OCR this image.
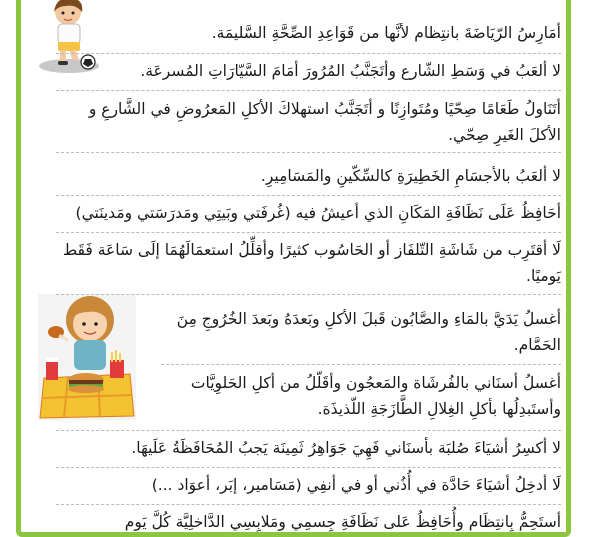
أمَارِسُ الرّيَاضَةَ بانتِظام لأنَّها من قَوَاعِدِ الصِّحَّةِ السَّليمَة.
لا ألعَبُ في وَسَطِ الشّارع وأتَجَنَّبُ المُرُورَ أمَامَ السَّيّارَاتِ المُسرعَة.
أتَنَاولُ طَعَامًا صِحّيًا ومُتَوازِنًا و أتَجَنَّبُ استهلاكَ الأكلِ المَعرُوضِ في الشَّارعِ و الأكلَ الغَيرِ صِحّي.
لا ألعَبُ بالأجسَامِ الخَطِيرَةِ كالسِّكّينِ والمَسَامِيرِ.
أحَافِظُ عَلَى نَظَافَةِ المَكَانِ الذي أعيشُ فيه (غُرفَتي وبَيتِي ومَدرَسَتي ومَدينَتي)
لَا أقتَرِب من شَاشَةِ التّلفَاز أو الحَاسُوب كثيرًا وأقلِّلُ استعمَالَهُمَا إلَى سَاعَة فَقَط يَوميًا.
أغسلُ يَدَيَّ بالمَاءِ والصَّابُون قَبلَ الأكلِ وبَعدَهُ وبَعدَ الخُرُوجِ مِنَ الحَمَّام.
أغسلُ أسنَاني بالفُرشَاة والمَعجُون وأقَلّلُ من أكلِ الحَلوِيَّات وأستَبدِلُها بأكلِ الغِلالِ الطَّازَجَةِ اللّذيذَة.
لا أكسِرُ أشيَاءَ صُلبَة بأسنَاني فَهِيَ جَوَاهِرُ ثَمِينَة يَجبُ المُحَافَظَةُ عَلَيهَا.
لَا أدخِلُ أشيَاءَ حَادَّة في أُذُني أو في أنفِي (مَسَامير، إبَر، أعوَاد ...)
أستَحِمُّ بِانتِظَام وأُحَافِظُ عَلى نَظَافَةِ جِسمِي ومَلابِسِي الدَّاخلِيَّة كُلَّ يَوم
